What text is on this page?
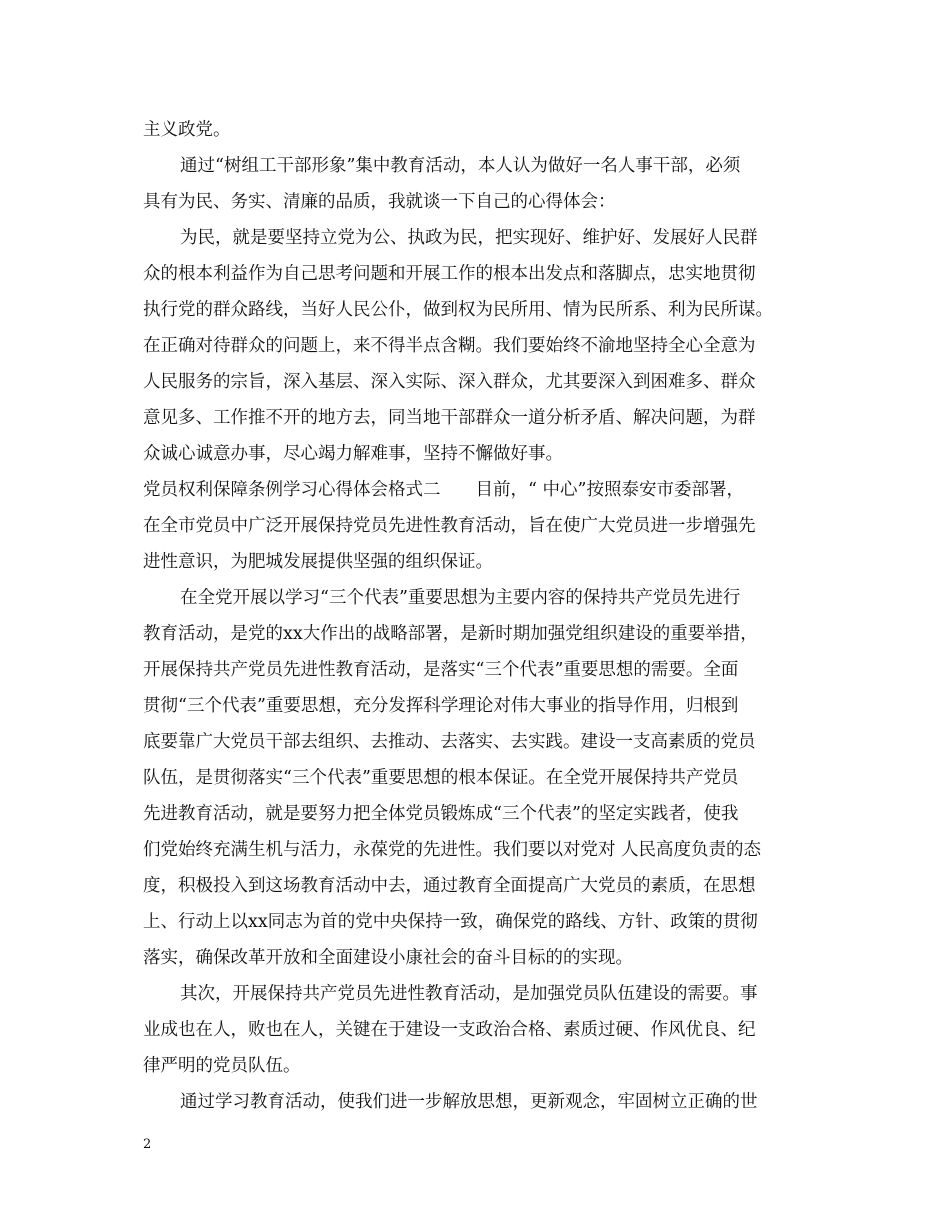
主义政党。

通过“树组工干部形象”集中教育活动，本人认为做好一名人事干部，必须

具有为民、务实、清廉的品质，我就谈一下自己的心得体会：

为民，就是要坚持立党为公、执政为民，把实现好、维护好、发展好人民群

众的根本利益作为自己思考问题和开展工作的根本出发点和落脚点，忠实地贯彻

执行党的群众路线，当好人民公仆，做到权为民所用、情为民所系、利为民所谋。

在正确对待群众的问题上，来不得半点含糊。我们要始终不渝地坚持全心全意为

人民服务的宗旨，深入基层、深入实际、深入群众，尤其要深入到困难多、群众

意见多、工作推不开的地方去，同当地干部群众一道分析矛盾、解决问题，为群

众诚心诚意办事，尽心竭力解难事，坚持不懈做好事。

党员权利保障条例学习心得体会格式二　　目前，“ 中心”按照泰安市委部署，

在全市党员中广泛开展保持党员先进性教育活动，旨在使广大党员进一步增强先

进性意识，为肥城发展提供坚强的组织保证。

在全党开展以学习“三个代表”重要思想为主要内容的保持共产党员先进行

教育活动，是党的xx大作出的战略部署，是新时期加强党组织建设的重要举措，

开展保持共产党员先进性教育活动，是落实“三个代表”重要思想的需要。全面

贯彻“三个代表”重要思想，充分发挥科学理论对伟大事业的指导作用，归根到

底要靠广大党员干部去组织、去推动、去落实、去实践。建设一支高素质的党员

队伍，是贯彻落实“三个代表”重要思想的根本保证。在全党开展保持共产党员

先进教育活动，就是要努力把全体党员锻炼成“三个代表”的坚定实践者，使我

们党始终充满生机与活力，永葆党的先进性。我们要以对党对 人民高度负责的态

度，积极投入到这场教育活动中去，通过教育全面提高广大党员的素质，在思想

上、行动上以xx同志为首的党中央保持一致，确保党的路线、方针、政策的贯彻

落实，确保改革开放和全面建设小康社会的奋斗目标的的实现。

其次，开展保持共产党员先进性教育活动，是加强党员队伍建设的需要。事

业成也在人，败也在人，关键在于建设一支政治合格、素质过硬、作风优良、纪

律严明的党员队伍。

通过学习教育活动，使我们进一步解放思想，更新观念，牢固树立正确的世

2
